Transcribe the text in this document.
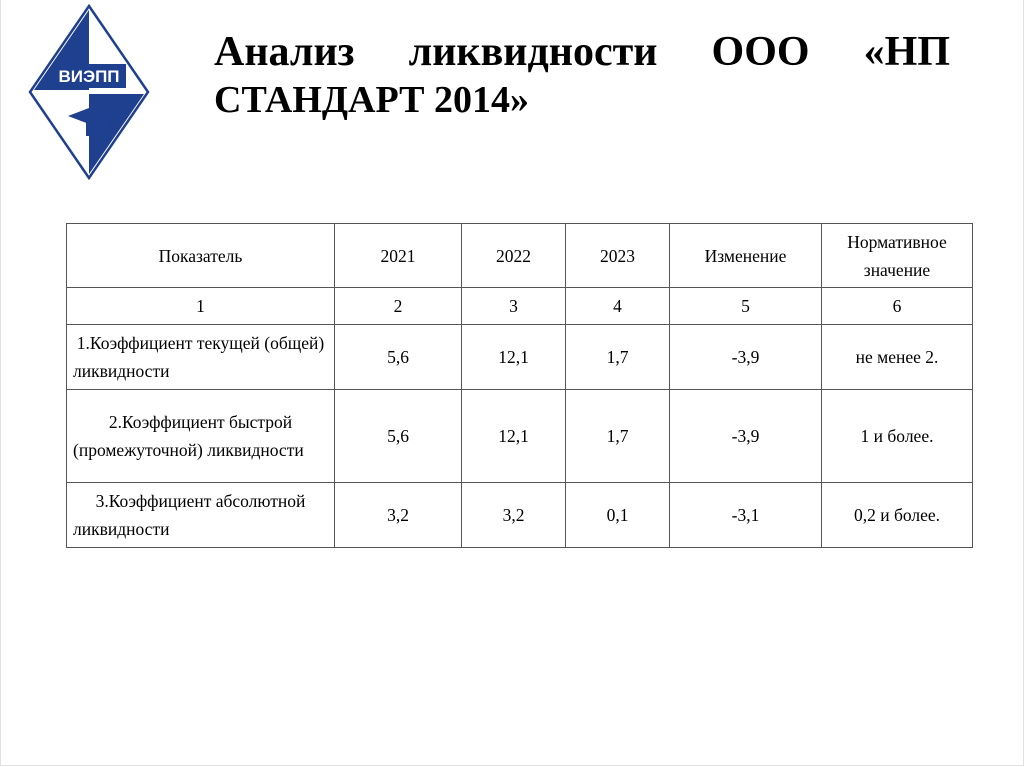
ВИЭПП
Анализ ликвидности ООО «НП
СТАНДАРТ 2014»
Показатель	2021	2022	2023	Изменение	Нормативное значение
1	2	3	4	5	6
1.Коэффициент текущей (общей) ликвидности	5,6	12,1	1,7	-3,9	не менее 2.
2.Коэффициент быстрой (промежуточной) ликвидности	5,6	12,1	1,7	-3,9	1 и более.
3.Коэффициент абсолютной ликвидности	3,2	3,2	0,1	-3,1	0,2 и более.
